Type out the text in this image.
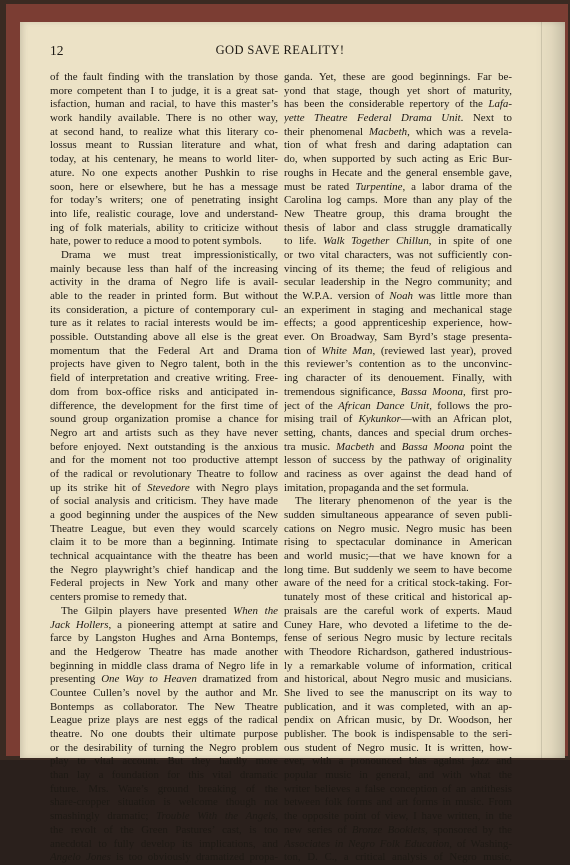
12	GOD SAVE REALITY!
of the fault finding with the translation by those
more competent than I to judge, it is a great sat-
isfaction, human and racial, to have this master’s
work handily available. There is no other way,
at second hand, to realize what this literary co-
lossus meant to Russian literature and what,
today, at his centenary, he means to world liter-
ature. No one expects another Pushkin to rise
soon, here or elsewhere, but he has a message
for today’s writers; one of penetrating insight
into life, realistic courage, love and understand-
ing of folk materials, ability to criticize without
hate, power to reduce a mood to potent symbols.
Drama we must treat impressionistically,
mainly because less than half of the increasing
activity in the drama of Negro life is avail-
able to the reader in printed form. But without
its consideration, a picture of contemporary cul-
ture as it relates to racial interests would be im-
possible. Outstanding above all else is the great
momentum that the Federal Art and Drama
projects have given to Negro talent, both in the
field of interpretation and creative writing. Free-
dom from box-office risks and anticipated in-
difference, the development for the first time of
sound group organization promise a chance for
Negro art and artists such as they have never
before enjoyed. Next outstanding is the anxious
and for the moment not too productive attempt
of the radical or revolutionary Theatre to follow
up its strike hit of Stevedore with Negro plays
of social analysis and criticism. They have made
a good beginning under the auspices of the New
Theatre League, but even they would scarcely
claim it to be more than a beginning. Intimate
technical acquaintance with the theatre has been
the Negro playwright’s chief handicap and the
Federal projects in New York and many other
centers promise to remedy that.
The Gilpin players have presented When the
Jack Hollers, a pioneering attempt at satire and
farce by Langston Hughes and Arna Bontemps,
and the Hedgerow Theatre has made another
beginning in middle class drama of Negro life in
presenting One Way to Heaven dramatized from
Countee Cullen’s novel by the author and Mr.
Bontemps as collaborator. The New Theatre
League prize plays are nest eggs of the radical
theatre. No one doubts their ultimate purpose
or the desirability of turning the Negro problem
play to vital account. But they hardly more
than lay a foundation for this vital dramatic
future. Mrs. Ware’s ground breaking of the
share-cropper situation is welcome though not
smashingly dramatic; Trouble With the Angels,
the revolt of the Green Pastures’ cast, is too
anecdotal to fully develop its implications, and
Angelo Jones is too obviously dramatized propa-
ganda. Yet, these are good beginnings. Far be-
yond that stage, though yet short of maturity,
has been the considerable repertory of the Lafa-
yette Theatre Federal Drama Unit. Next to
their phenomenal Macbeth, which was a revela-
tion of what fresh and daring adaptation can
do, when supported by such acting as Eric Bur-
roughs in Hecate and the general ensemble gave,
must be rated Turpentine, a labor drama of the
Carolina log camps. More than any play of the
New Theatre group, this drama brought the
thesis of labor and class struggle dramatically
to life. Walk Together Chillun, in spite of one
or two vital characters, was not sufficiently con-
vincing of its theme; the feud of religious and
secular leadership in the Negro community; and
the W.P.A. version of Noah was little more than
an experiment in staging and mechanical stage
effects; a good apprenticeship experience, how-
ever. On Broadway, Sam Byrd’s stage presenta-
tion of White Man, (reviewed last year), proved
this reviewer’s contention as to the unconvinc-
ing character of its denouement. Finally, with
tremendous significance, Bassa Moona, first pro-
ject of the African Dance Unit, follows the pro-
mising trail of Kykunkor—with an African plot,
setting, chants, dances and special drum orches-
tra music. Macbeth and Bassa Moona point the
lesson of success by the pathway of originality
and raciness as over against the dead hand of
imitation, propaganda and the set formula.
The literary phenomenon of the year is the
sudden simultaneous appearance of seven publi-
cations on Negro music. Negro music has been
rising to spectacular dominance in American
and world music;—that we have known for a
long time. But suddenly we seem to have become
aware of the need for a critical stock-taking. For-
tunately most of these critical and historical ap-
praisals are the careful work of experts. Maud
Cuney Hare, who devoted a lifetime to the de-
fense of serious Negro music by lecture recitals
with Theodore Richardson, gathered industrious-
ly a remarkable volume of information, critical
and historical, about Negro music and musicians.
She lived to see the manuscript on its way to
publication, and it was completed, with an ap-
pendix on African music, by Dr. Woodson, her
publisher. The book is indispensable to the seri-
ous student of Negro music. It is written, how-
ever, with a pronounced bias against jazz and
popular music in general, and with what the
writer believes a false conception of an antithesis
between folk forms and art forms in music. From
the opposite point of view, I have written, in the
new series of Bronze Booklets, sponsored by the
Associates in Negro Folk Education, of Washing-
ton, D. C., a critical analysis of Negro music,
